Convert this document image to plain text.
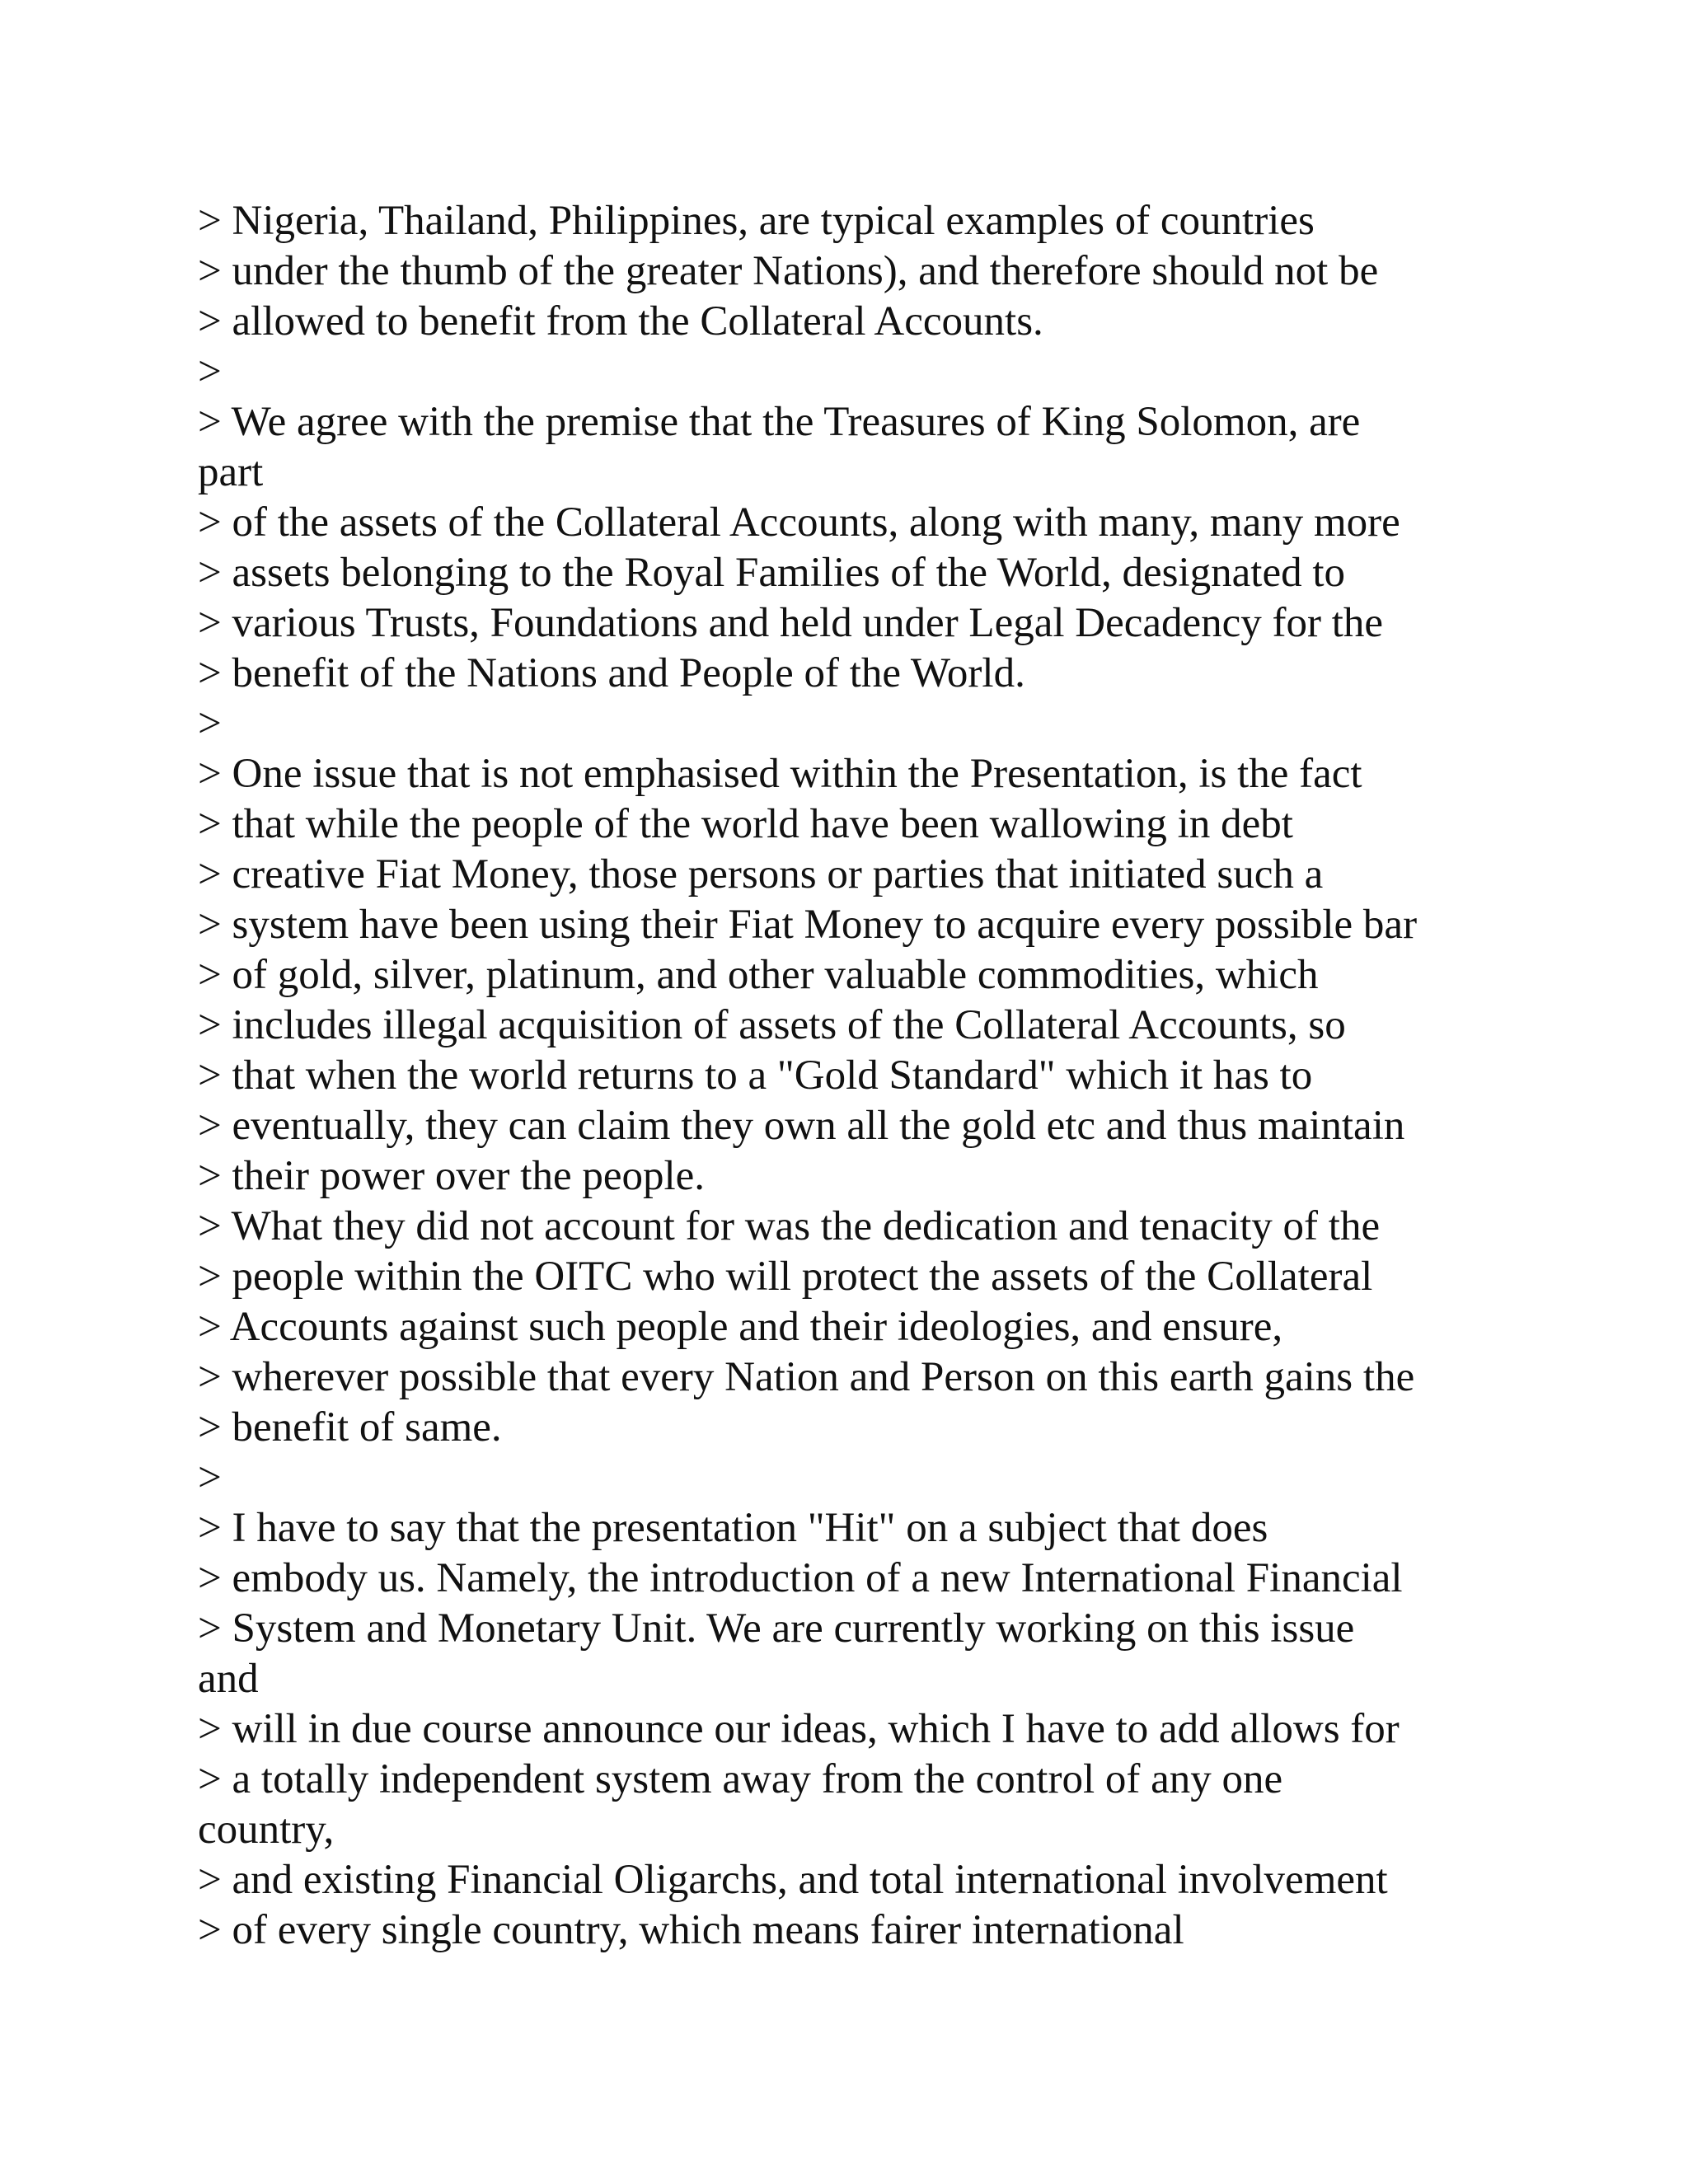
> Nigeria, Thailand, Philippines, are typical examples of countries
> under the thumb of the greater Nations), and therefore should not be
> allowed to benefit from the Collateral Accounts.
>
> We agree with the premise that the Treasures of King Solomon, are
part
> of the assets of the Collateral Accounts, along with many, many more
> assets belonging to the Royal Families of the World, designated to
> various Trusts, Foundations and held under Legal Decadency for the
> benefit of the Nations and People of the World.
>
> One issue that is not emphasised within the Presentation, is the fact
> that while the people of the world have been wallowing in debt
> creative Fiat Money, those persons or parties that initiated such a
> system have been using their Fiat Money to acquire every possible bar
> of gold, silver, platinum, and other valuable commodities, which
> includes illegal acquisition of assets of the Collateral Accounts, so
> that when the world returns to a "Gold Standard" which it has to
> eventually, they can claim they own all the gold etc and thus maintain
> their power over the people.
> What they did not account for was the dedication and tenacity of the
> people within the OITC who will protect the assets of the Collateral
> Accounts against such people and their ideologies, and ensure,
> wherever possible that every Nation and Person on this earth gains the
> benefit of same.
>
> I have to say that the presentation "Hit" on a subject that does
> embody us. Namely, the introduction of a new International Financial
> System and Monetary Unit. We are currently working on this issue
and
> will in due course announce our ideas, which I have to add allows for
> a totally independent system away from the control of any one
country,
> and existing Financial Oligarchs, and total international involvement
> of every single country, which means fairer international
